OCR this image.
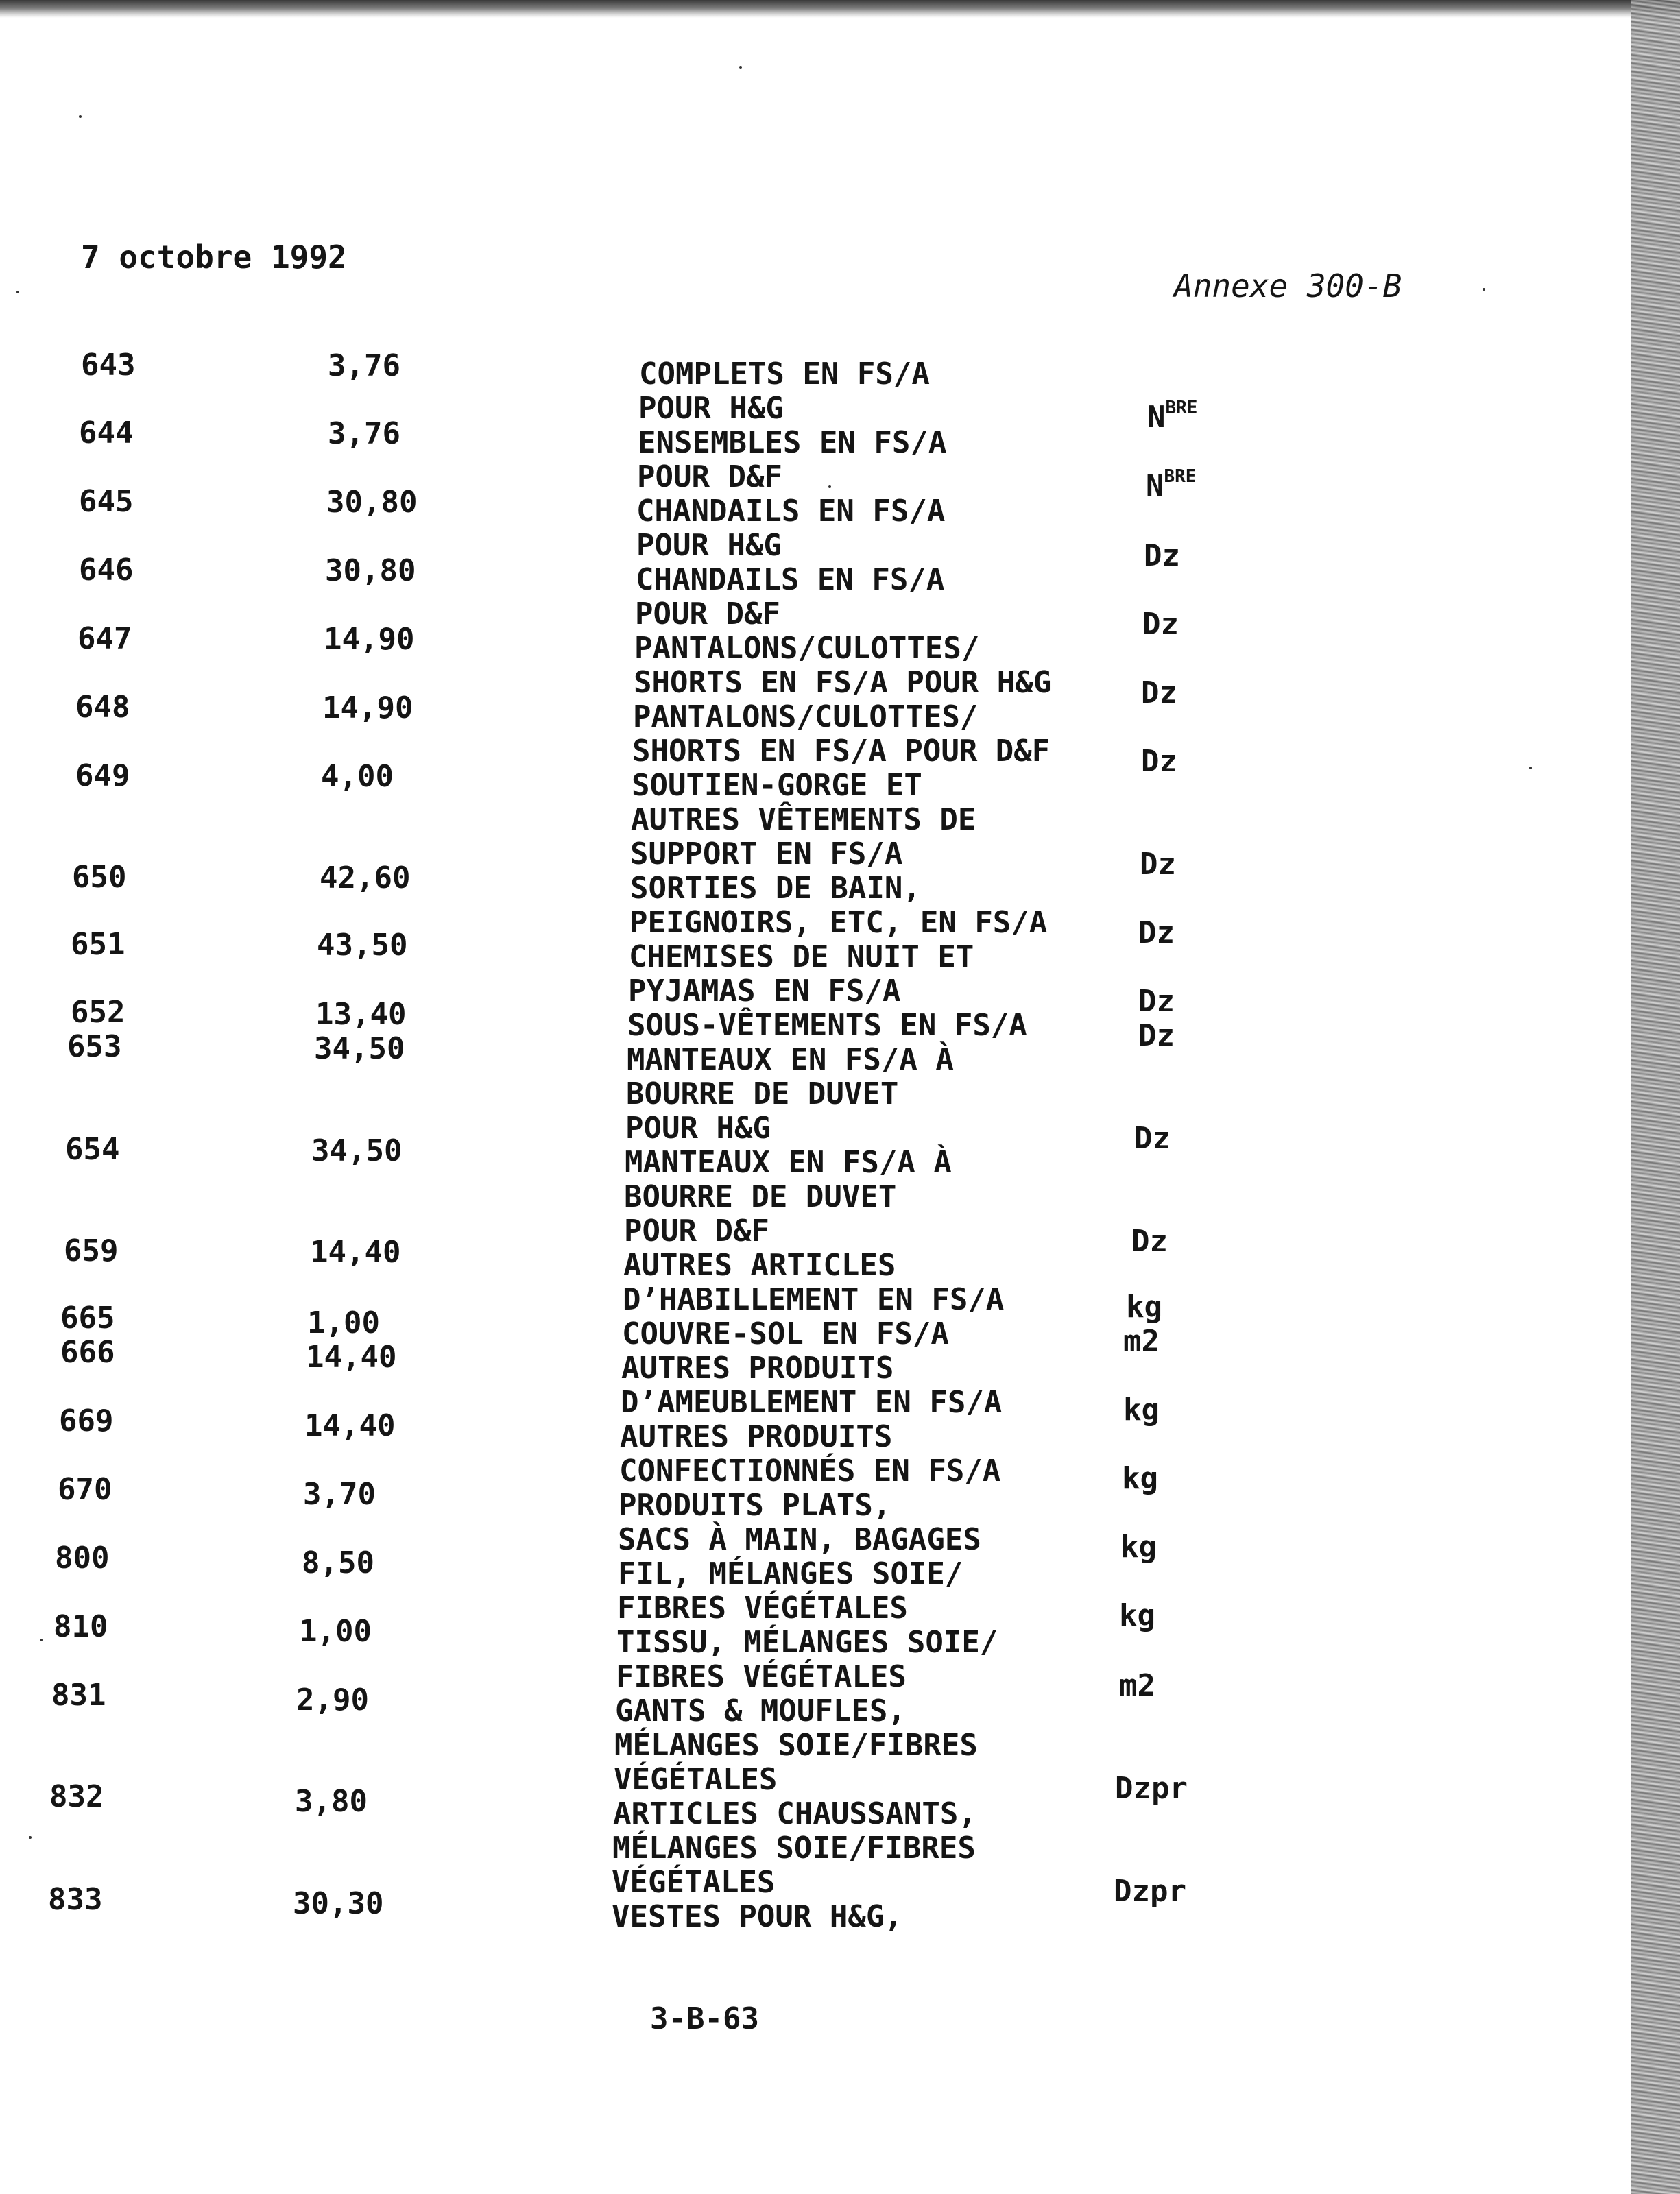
7 octobre 1992
Annexe 300-B
643
644
645
646
647
648
649
650
651
652
653
654
659
665
666
669
670
800
810
831
832
833
3,76
3,76
30,80
30,80
14,90
14,90
4,00
42,60
43,50
13,40
34,50
34,50
14,40
1,00
14,40
14,40
3,70
8,50
1,00
2,90
3,80
30,30
COMPLETS EN FS/A
POUR H&G
ENSEMBLES EN FS/A
POUR D&F
CHANDAILS EN FS/A
POUR H&G
CHANDAILS EN FS/A
POUR D&F
PANTALONS/CULOTTES/
SHORTS EN FS/A POUR H&G
PANTALONS/CULOTTES/
SHORTS EN FS/A POUR D&F
SOUTIEN-GORGE ET
AUTRES VÊTEMENTS DE
SUPPORT EN FS/A
SORTIES DE BAIN,
PEIGNOIRS, ETC, EN FS/A
CHEMISES DE NUIT ET
PYJAMAS EN FS/A
SOUS-VÊTEMENTS EN FS/A
MANTEAUX EN FS/A À
BOURRE DE DUVET
POUR H&G
MANTEAUX EN FS/A À
BOURRE DE DUVET
POUR D&F
AUTRES ARTICLES
D’HABILLEMENT EN FS/A
COUVRE-SOL EN FS/A
AUTRES PRODUITS
D’AMEUBLEMENT EN FS/A
AUTRES PRODUITS
CONFECTIONNÉS EN FS/A
PRODUITS PLATS,
SACS À MAIN, BAGAGES
FIL, MÉLANGES SOIE/
FIBRES VÉGÉTALES
TISSU, MÉLANGES SOIE/
FIBRES VÉGÉTALES
GANTS & MOUFLES,
MÉLANGES SOIE/FIBRES
VÉGÉTALES
ARTICLES CHAUSSANTS,
MÉLANGES SOIE/FIBRES
VÉGÉTALES
VESTES POUR H&G,
$N^{BRE}$
$N^{BRE}$
Dz
Dz
Dz
Dz
Dz
Dz
Dz
Dz
Dz
Dz
kg
m2
kg
kg
kg
kg
m2
Dzpr
Dzpr
3-B-63
